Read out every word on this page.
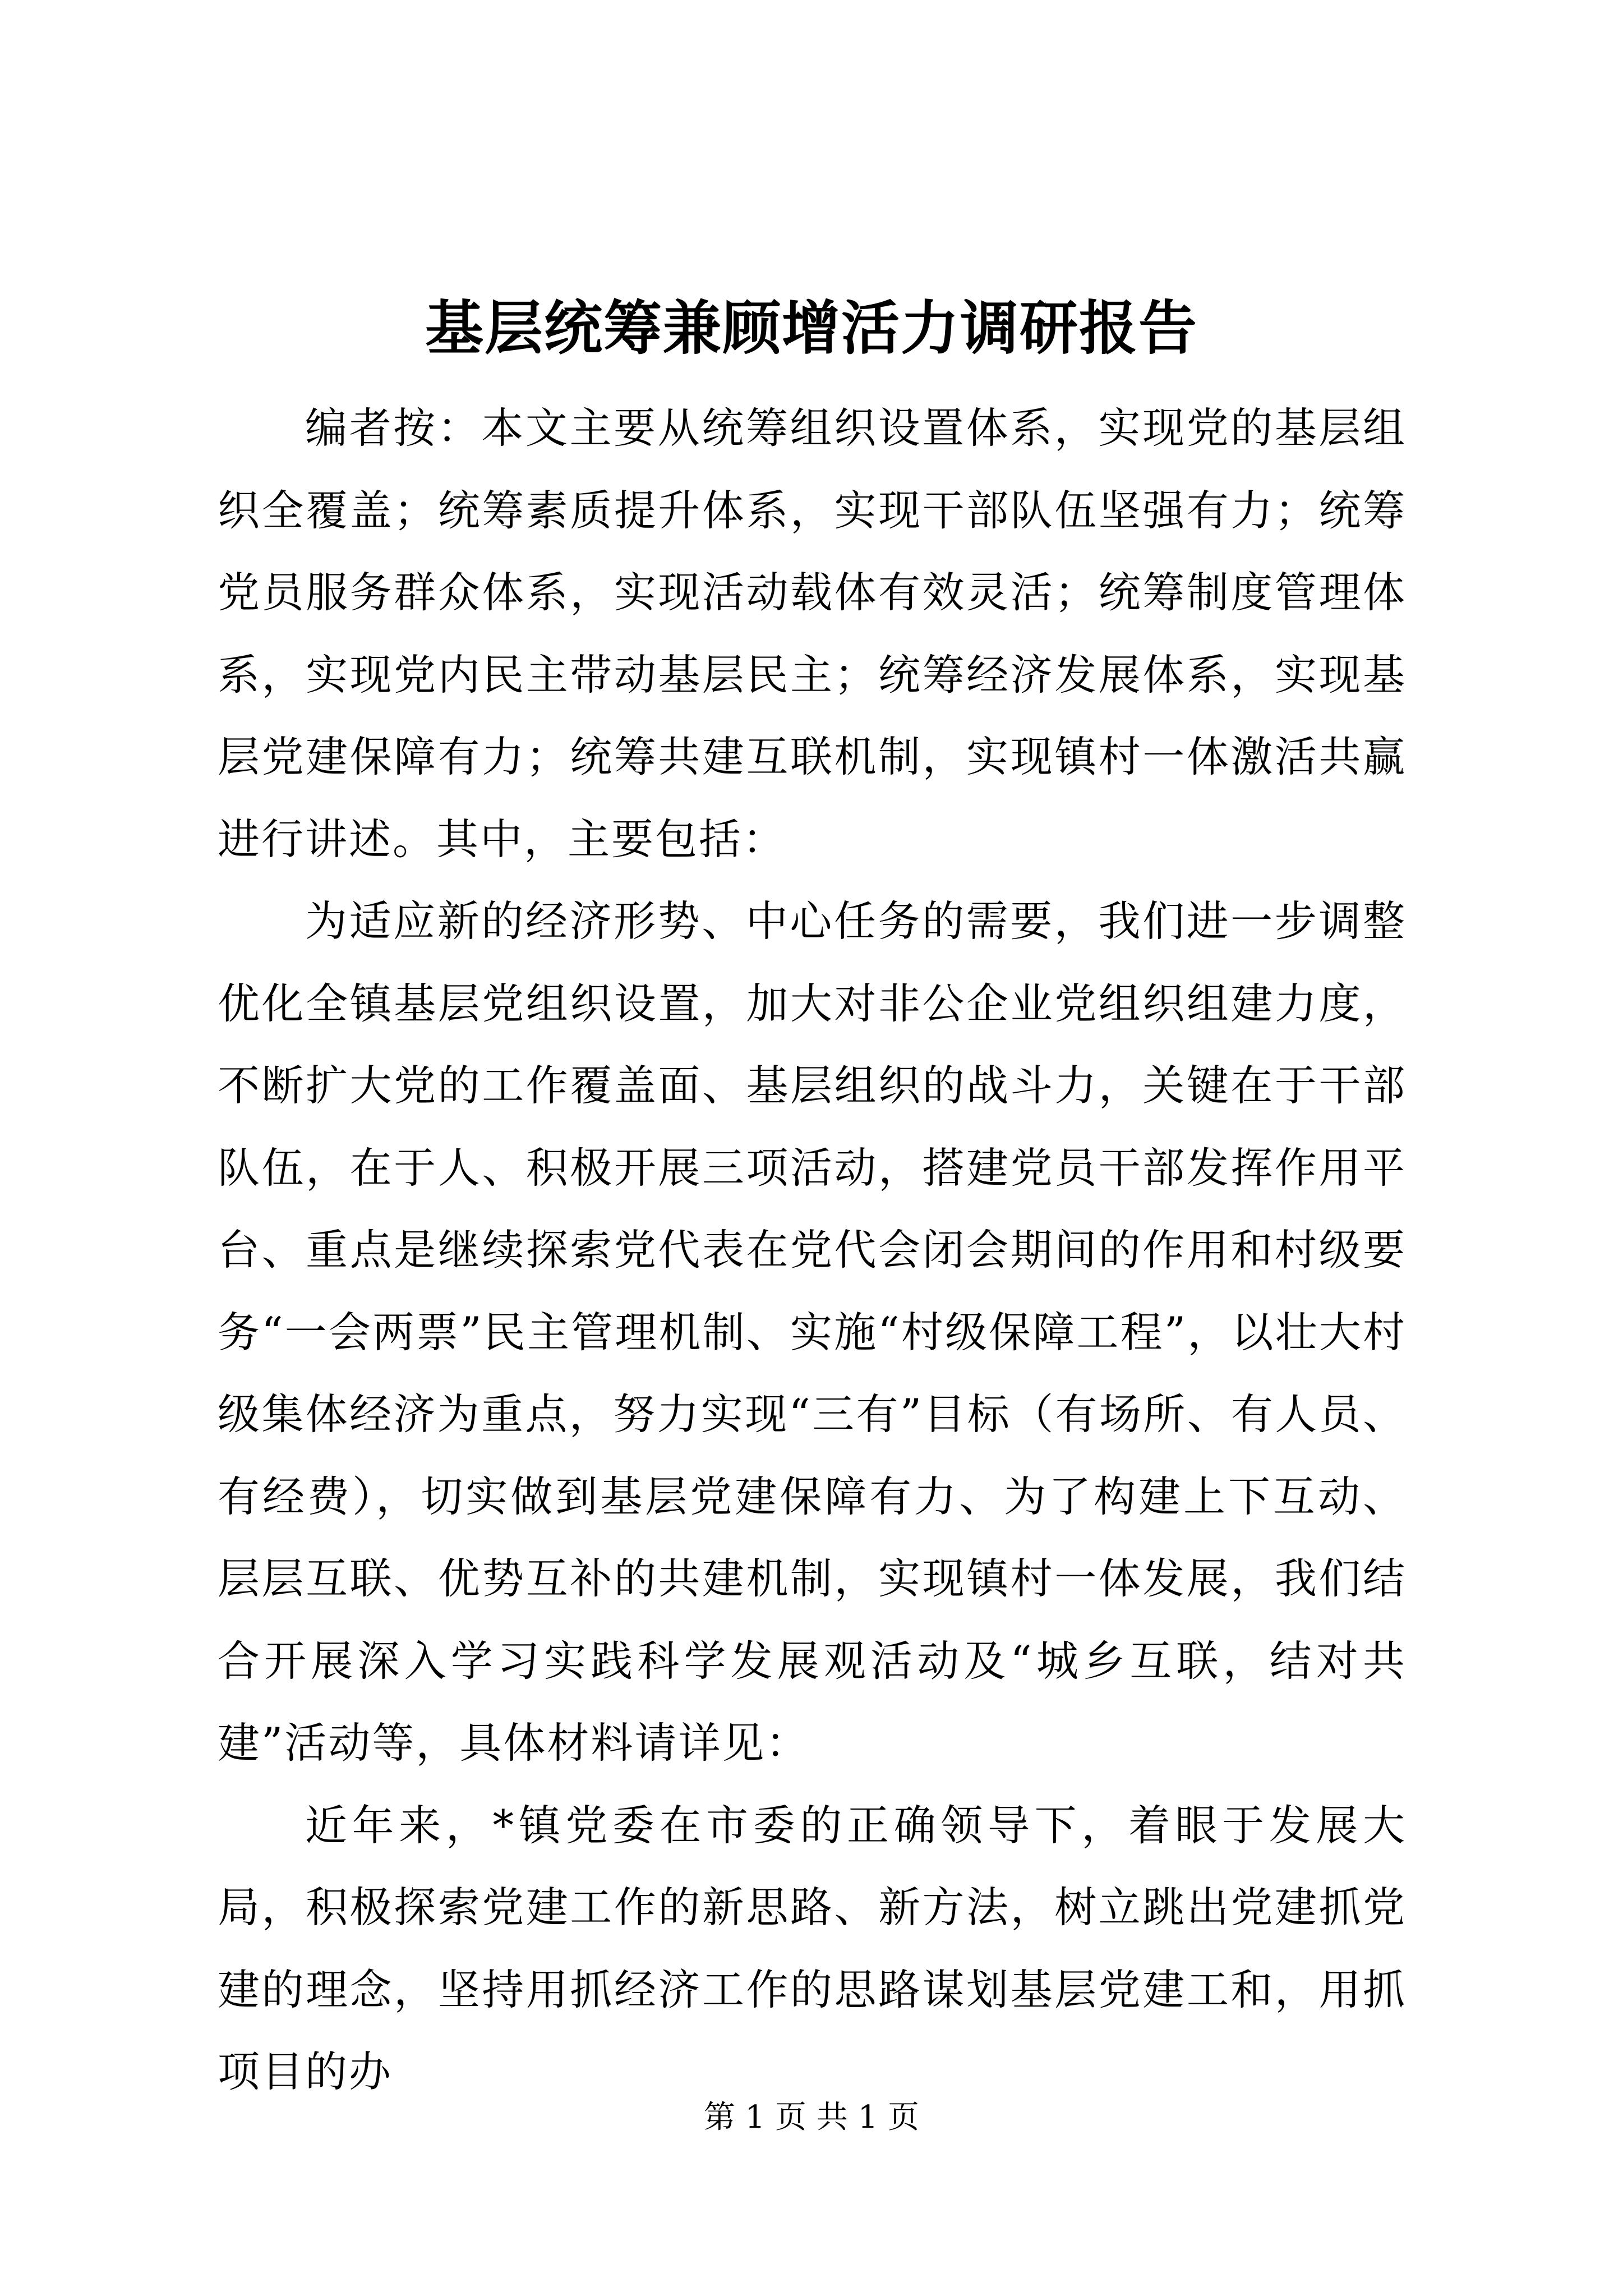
基层统筹兼顾增活力调研报告

编者按：本文主要从统筹组织设置体系，实现党的基层组织全覆盖；统筹素质提升体系，实现干部队伍坚强有力；统筹党员服务群众体系，实现活动载体有效灵活；统筹制度管理体系，实现党内民主带动基层民主；统筹经济发展体系，实现基层党建保障有力；统筹共建互联机制，实现镇村一体激活共赢进行讲述。其中，主要包括：

为适应新的经济形势、中心任务的需要，我们进一步调整优化全镇基层党组织设置，加大对非公企业党组织组建力度，不断扩大党的工作覆盖面、基层组织的战斗力，关键在于干部队伍，在于人、积极开展三项活动，搭建党员干部发挥作用平台、重点是继续探索党代表在党代会闭会期间的作用和村级要务“一会两票”民主管理机制、实施“村级保障工程”，以壮大村级集体经济为重点，努力实现“三有”目标（有场所、有人员、有经费），切实做到基层党建保障有力、为了构建上下互动、层层互联、优势互补的共建机制，实现镇村一体发展，我们结合开展深入学习实践科学发展观活动及“城乡互联，结对共建”活动等，具体材料请详见：

近年来，*镇党委在市委的正确领导下，着眼于发展大局，积极探索党建工作的新思路、新方法，树立跳出党建抓党建的理念，坚持用抓经济工作的思路谋划基层党建工和，用抓项目的办

第 1 页 共 1 页
